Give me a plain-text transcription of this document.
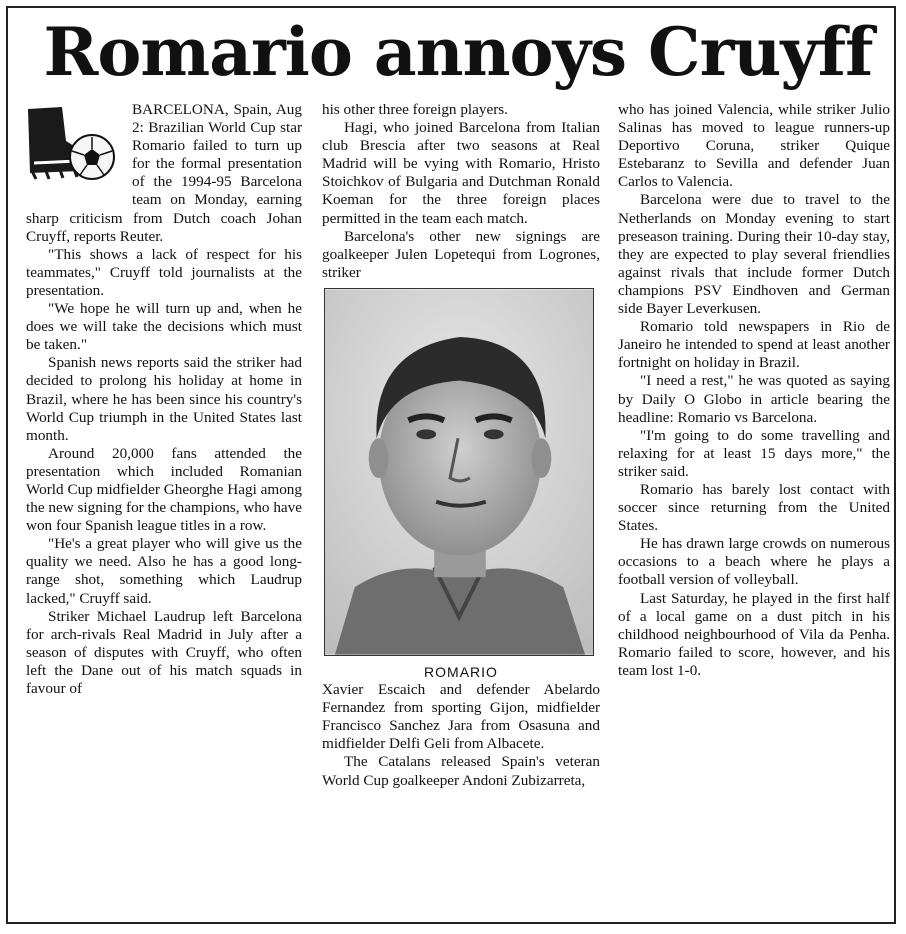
Romario annoys Cruyff

BARCELONA, Spain, Aug 2: Brazilian World Cup star Romario failed to turn up for the formal presentation of the 1994-95 Barcelona team on Monday, earning sharp criticism from Dutch coach Johan Cruyff, reports Reuter.

"This shows a lack of respect for his teammates," Cruyff told journalists at the presentation.

"We hope he will turn up and, when he does we will take the decisions which must be taken."

Spanish news reports said the striker had decided to prolong his holiday at home in Brazil, where he has been since his country's World Cup triumph in the United States last month.

Around 20,000 fans attended the presentation which included Romanian World Cup midfielder Gheorghe Hagi among the new signing for the champions, who have won four Spanish league titles in a row.

"He's a great player who will give us the quality we need. Also he has a good long-range shot, something which Laudrup lacked," Cruyff said.

Striker Michael Laudrup left Barcelona for arch-rivals Real Madrid in July after a season of disputes with Cruyff, who often left the Dane out of his match squads in favour of

his other three foreign players.

Hagi, who joined Barcelona from Italian club Brescia after two seasons at Real Madrid will be vying with Romario, Hristo Stoichkov of Bulgaria and Dutchman Ronald Koeman for the three foreign places permitted in the team each match.

Barcelona's other new signings are goalkeeper Julen Lopetequi from Logrones, striker

ROMARIO

Xavier Escaich and defender Abelardo Fernandez from sporting Gijon, midfielder Francisco Sanchez Jara from Osasuna and midfielder Delfi Geli from Albacete.

The Catalans released Spain's veteran World Cup goalkeeper Andoni Zubizarreta,

who has joined Valencia, while striker Julio Salinas has moved to league runners-up Deportivo Coruna, striker Quique Estebaranz to Sevilla and defender Juan Carlos to Valencia.

Barcelona were due to travel to the Netherlands on Monday evening to start preseason training. During their 10-day stay, they are expected to play several friendlies against rivals that include former Dutch champions PSV Eindhoven and German side Bayer Leverkusen.

Romario told newspapers in Rio de Janeiro he intended to spend at least another fortnight on holiday in Brazil.

"I need a rest," he was quoted as saying by Daily O Globo in article bearing the headline: Romario vs Barcelona.

"I'm going to do some travelling and relaxing for at least 15 days more," the striker said.

Romario has barely lost contact with soccer since returning from the United States.

He has drawn large crowds on numerous occasions to a beach where he plays a football version of volleyball.

Last Saturday, he played in the first half of a local game on a dust pitch in his childhood neighbourhood of Vila da Penha. Romario failed to score, however, and his team lost 1-0.
